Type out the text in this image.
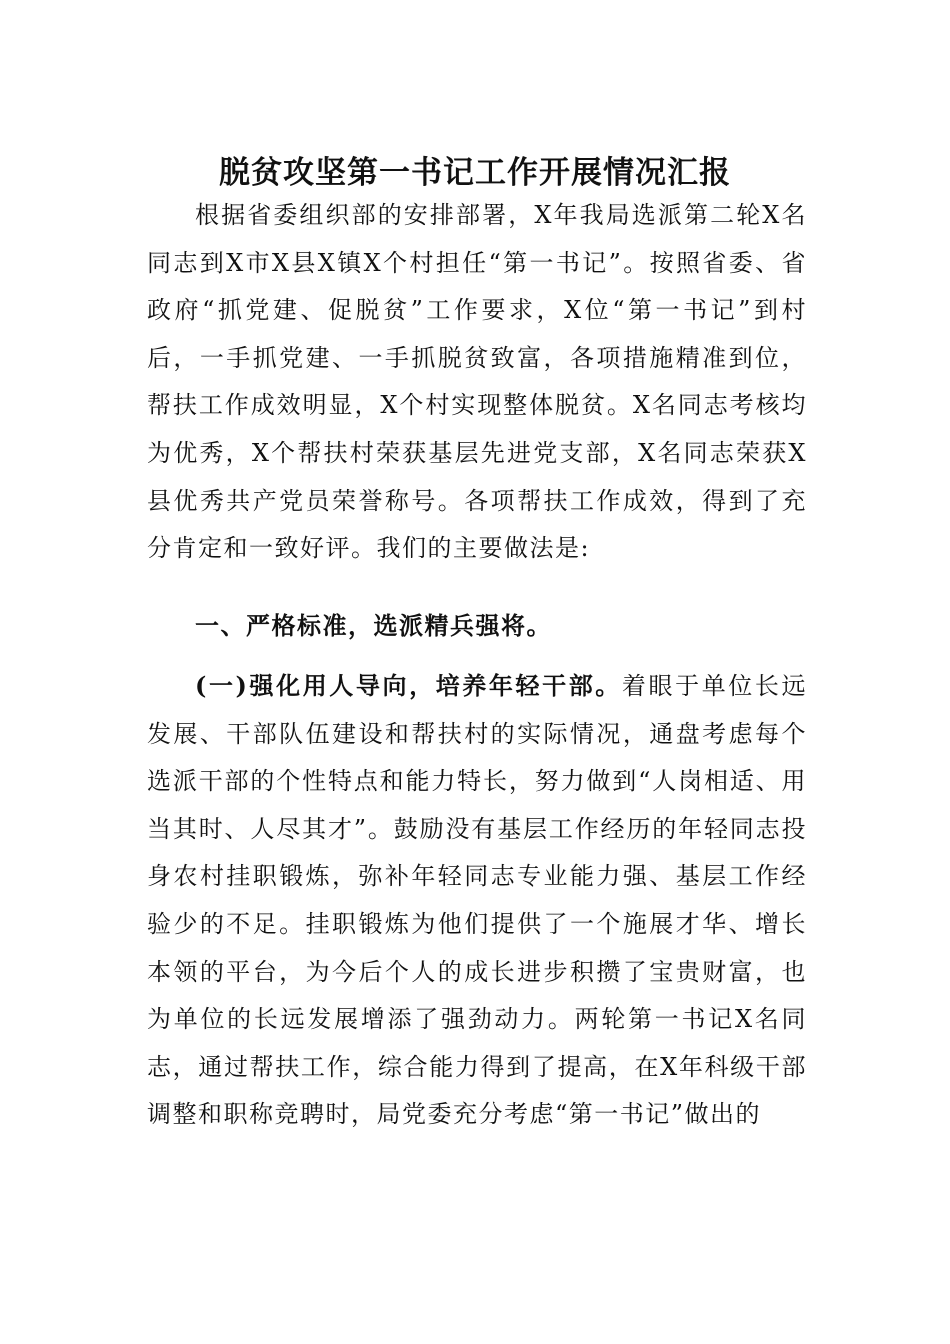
脱贫攻坚第一书记工作开展情况汇报

根据省委组织部的安排部署，X年我局选派第二轮X名同志到X市X县X镇X个村担任“第一书记”。按照省委、省政府“抓党建、促脱贫”工作要求，X位“第一书记”到村后，一手抓党建、一手抓脱贫致富，各项措施精准到位，帮扶工作成效明显，X个村实现整体脱贫。X名同志考核均为优秀，X个帮扶村荣获基层先进党支部，X名同志荣获X县优秀共产党员荣誉称号。各项帮扶工作成效，得到了充分肯定和一致好评。我们的主要做法是:

一、严格标准，选派精兵强将。

(一)强化用人导向，培养年轻干部。着眼于单位长远发展、干部队伍建设和帮扶村的实际情况，通盘考虑每个选派干部的个性特点和能力特长，努力做到“人岗相适、用当其时、人尽其才”。鼓励没有基层工作经历的年轻同志投身农村挂职锻炼，弥补年轻同志专业能力强、基层工作经验少的不足。挂职锻炼为他们提供了一个施展才华、增长本领的平台，为今后个人的成长进步积攒了宝贵财富，也为单位的长远发展增添了强劲动力。两轮第一书记X名同志，通过帮扶工作，综合能力得到了提高，在X年科级干部调整和职称竞聘时，局党委充分考虑“第一书记”做出的
